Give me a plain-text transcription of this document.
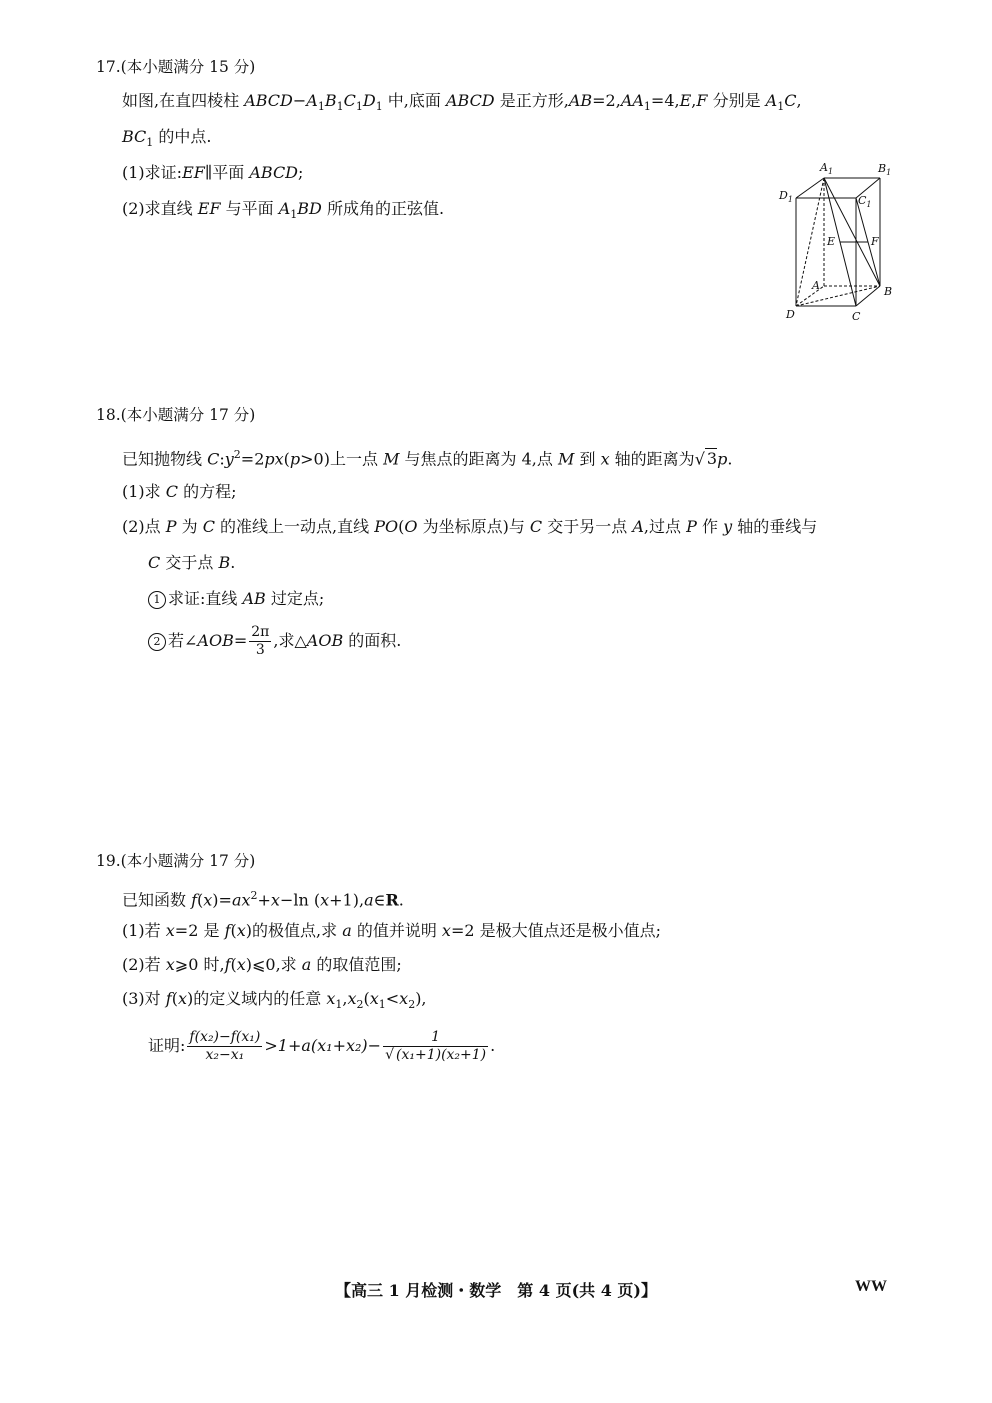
17.(本小题满分 15 分)
如图,在直四棱柱 $ABCD-A_1B_1C_1D_1$ 中,底面 ABCD 是正方形$,AB=2,AA_1=4,E,F$ 分别是 $A_1C$,
$BC_1$ 的中点.
(1)求证:EF∥平面 ABCD;
(2)求直线 EF 与平面 $A_1BD$ 所成角的正弦值.
$A_1$	$B_1$
$C_1$
$D_1$
E	F
A	B
C
D
18.(本小题满分 17 分)
已知抛物线 $C:y^2=2px(p>0)$上一点 M 与焦点的距离为 4,点 M 到 x 轴的距离为√ 3p.
(1)求 C 的方程;
(2)点 P 为 C 的准线上一动点,直线 PO(O 为坐标原点)与 C 交于另一点 A,过点 P 作 y 轴的垂线与
C 交于点 B.
1 求证:直线 AB 过定点;
2 若∠AOB= $\frac{2\pi}{3}$ ,求△AOB 的面积.
19.(本小题满分 17 分)
已知函数 $f(x)=ax^2+x-\ln$ (x+1),a∈R.
(1)若 x=2 是 f(x)的极值点,求 a 的值并说明 x=2 是极大值点还是极小值点;
(2)若 x⩾0 时,f(x)⩽0,求 a 的取值范围;
(3)对 f(x)的定义域内的任意 $x_1,x_2(x_1<x_2)$,
证明: $\frac{\text{f(x₂)−f(x₁)}}{\text{x₂−x₁}} >1+a(x_1+x_2)- \frac{1}{\text{√ (x₁+1)(x₂+1)}}$ .
【高三 1 月检测・数学　第 4 页(共 4 页)】	WW
